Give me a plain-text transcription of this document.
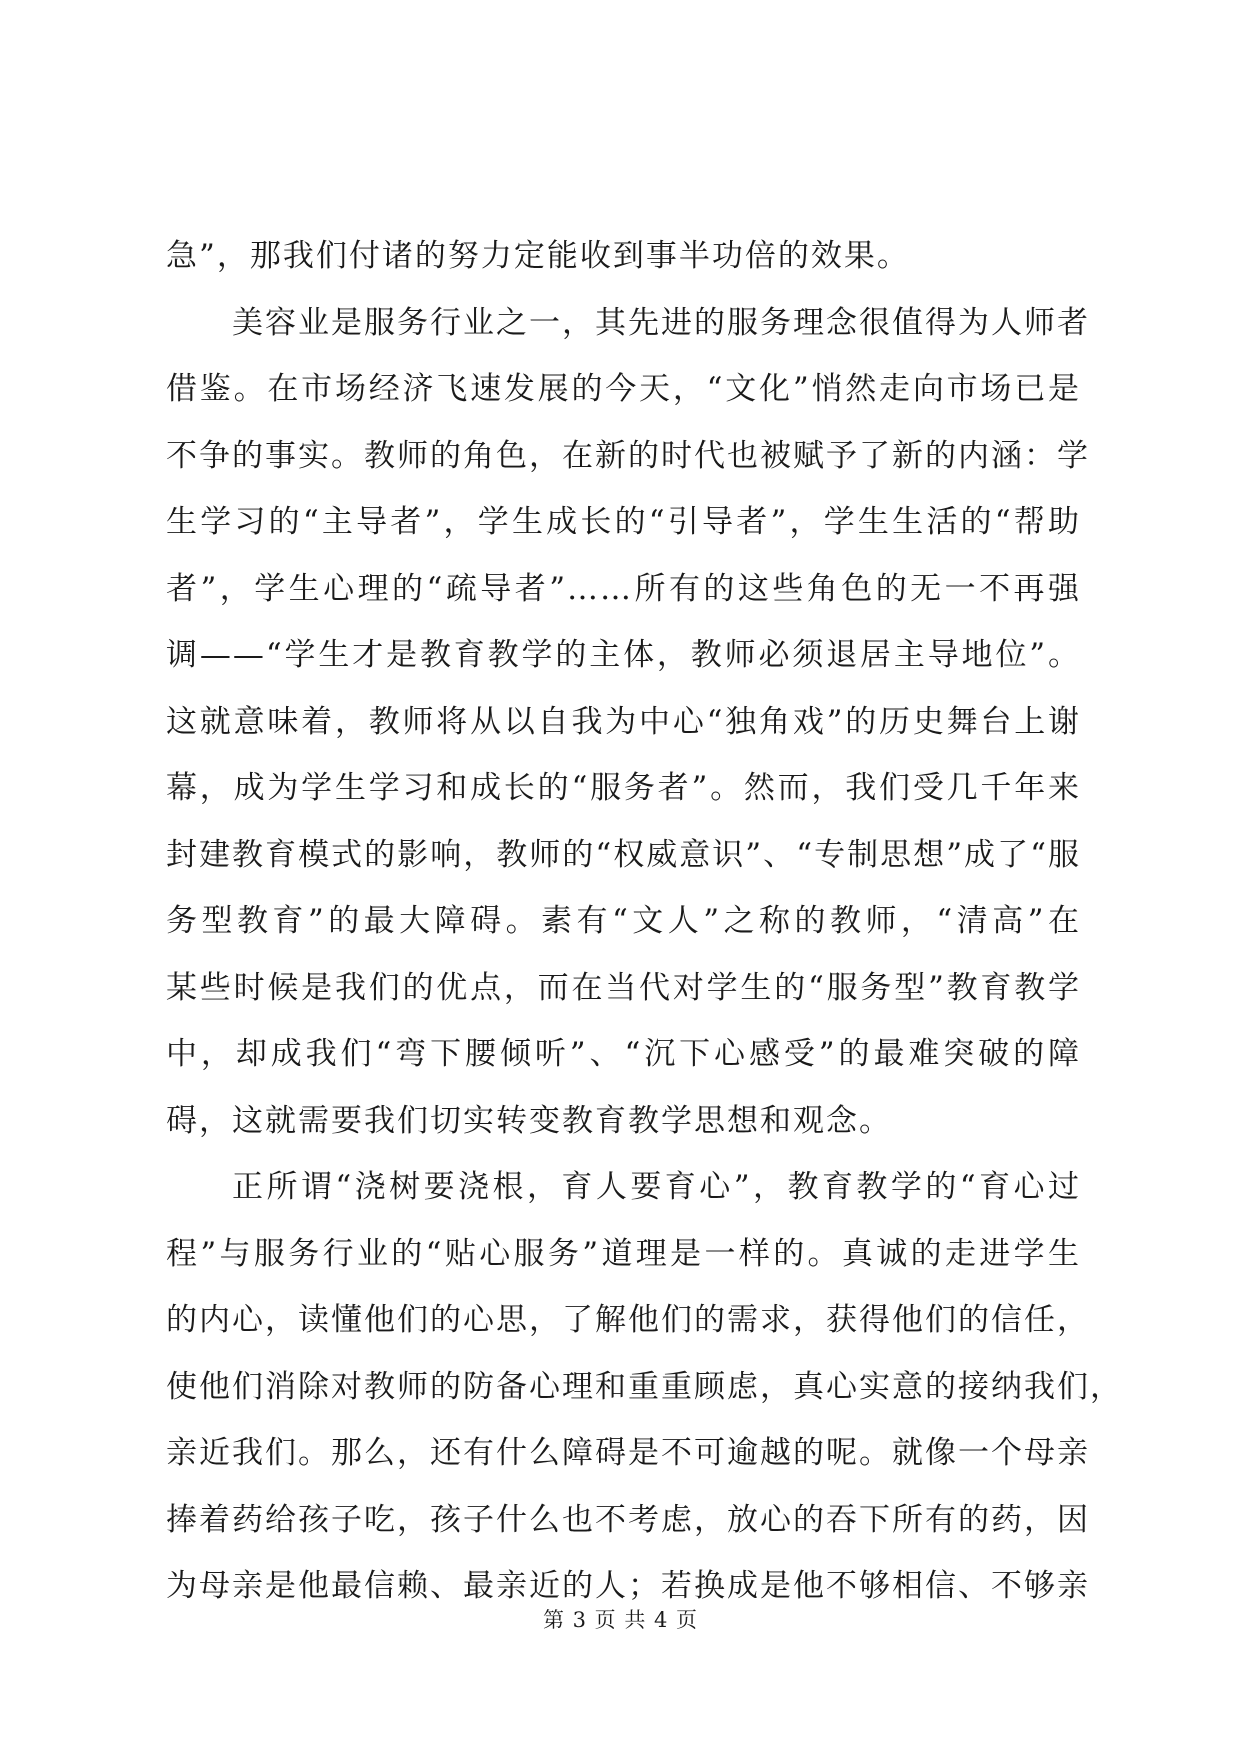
急”，那我们付诸的努力定能收到事半功倍的效果。
美容业是服务行业之一，其先进的服务理念很值得为人师者
借鉴。在市场经济飞速发展的今天，“文化”悄然走向市场已是
不争的事实。教师的角色，在新的时代也被赋予了新的内涵：学
生学习的“主导者”，学生成长的“引导者”，学生生活的“帮助
者”，学生心理的“疏导者”……所有的这些角色的无一不再强
调——“学生才是教育教学的主体，教师必须退居主导地位”。
这就意味着，教师将从以自我为中心“独角戏”的历史舞台上谢
幕，成为学生学习和成长的“服务者”。然而，我们受几千年来
封建教育模式的影响，教师的“权威意识”、“专制思想”成了“服
务型教育”的最大障碍。素有“文人”之称的教师，“清高”在
某些时候是我们的优点，而在当代对学生的“服务型”教育教学
中，却成我们“弯下腰倾听”、“沉下心感受”的最难突破的障
碍，这就需要我们切实转变教育教学思想和观念。
正所谓“浇树要浇根，育人要育心”，教育教学的“育心过
程”与服务行业的“贴心服务”道理是一样的。真诚的走进学生
的内心，读懂他们的心思，了解他们的需求，获得他们的信任，
使他们消除对教师的防备心理和重重顾虑，真心实意的接纳我们，
亲近我们。那么，还有什么障碍是不可逾越的呢。就像一个母亲
捧着药给孩子吃，孩子什么也不考虑，放心的吞下所有的药，因
为母亲是他最信赖、最亲近的人；若换成是他不够相信、不够亲
第 3 页 共 4 页
